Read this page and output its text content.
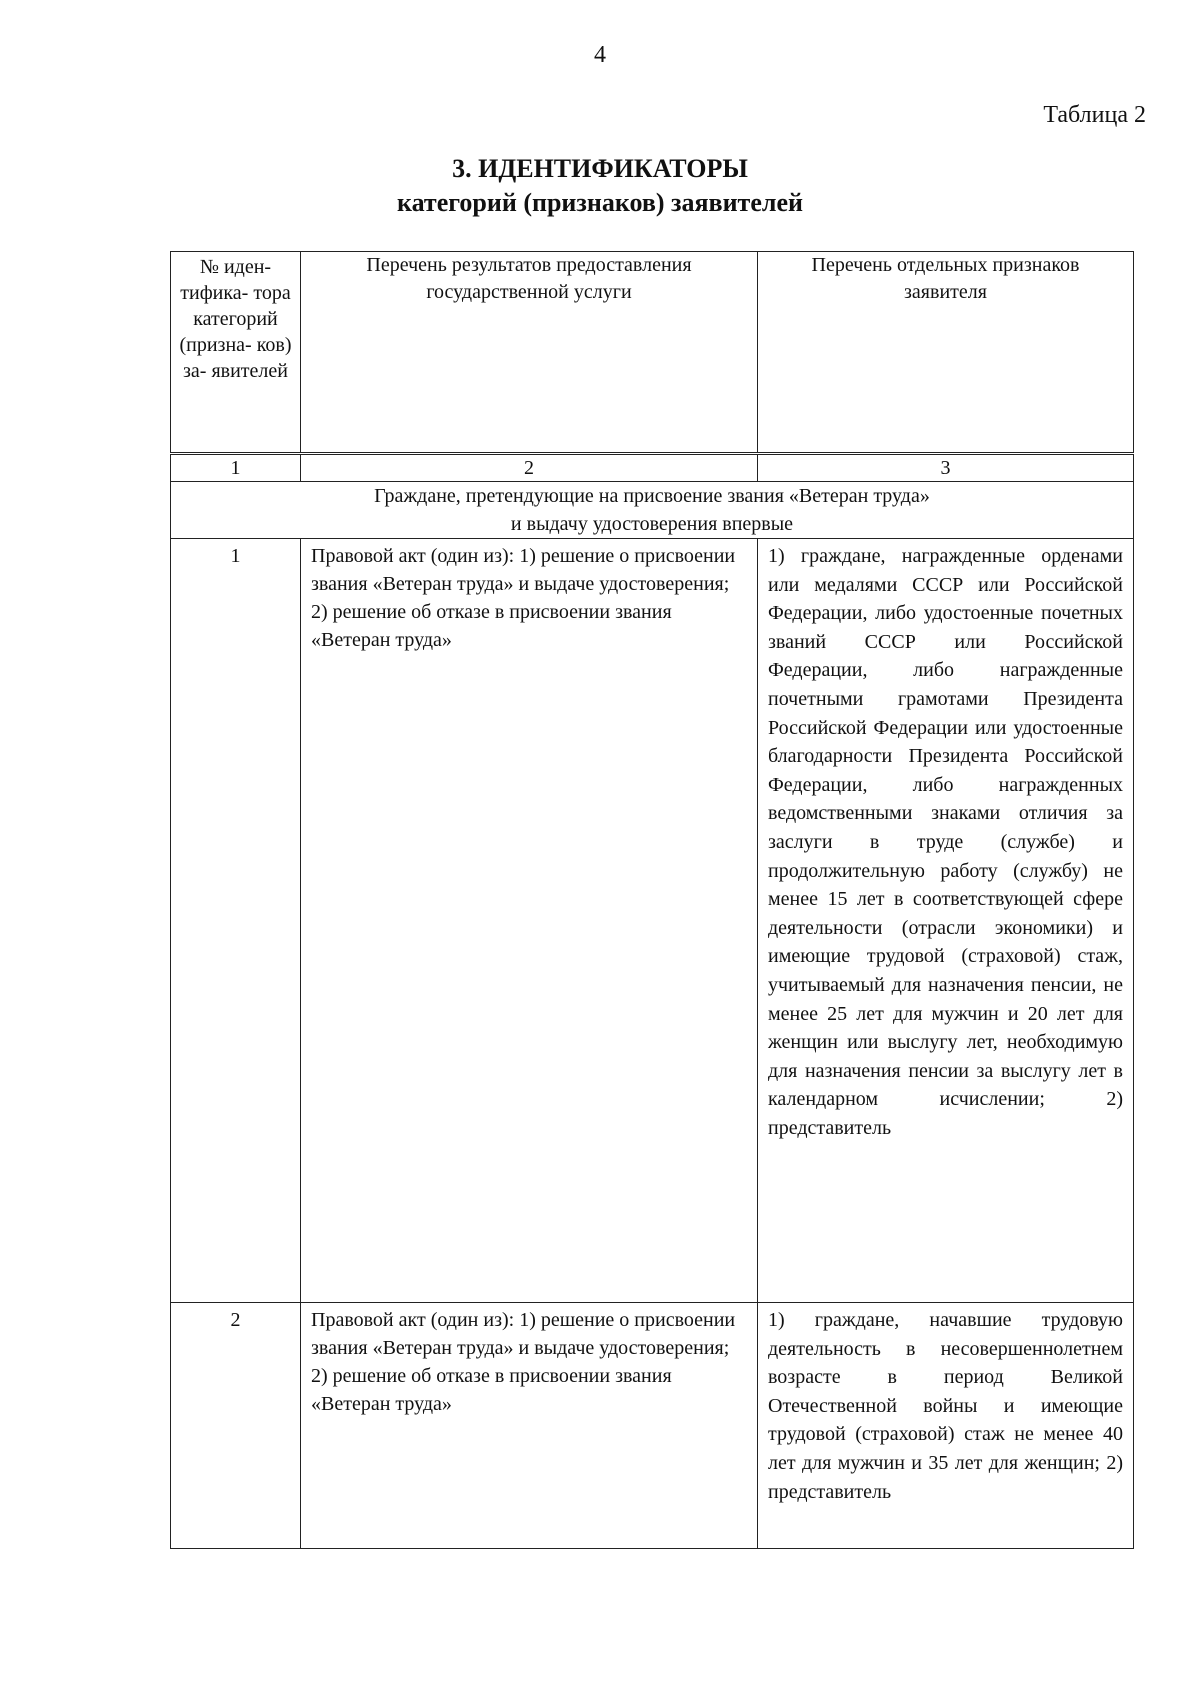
4
Таблица 2
3. ИДЕНТИФИКАТОРЫ
категорий (признаков) заявителей
№ иден- тифика- тора категорий (призна- ков) за- явителей	Перечень результатов предоставления государственной услуги	Перечень отдельных признаков заявителя
1	2	3

Граждане, претендующие на присвоение звания «Ветеран труда»
и выдачу удостоверения впервые		

1	Правовой акт (один из): 1) решение о присвоении звания «Ветеран труда» и выдаче удостоверения; 2) решение об отказе в присвоении звания «Ветеран труда»	1) граждане, награжденные орденами или медалями СССР или Российской Федерации, либо удостоенные почетных званий СССР или Российской Федерации, либо награжденные почетными грамотами Президента Российской Федерации или удостоенные благодарности Президента Российской Федерации, либо награжденных ведомственными знаками отличия за заслуги в труде (службе) и продолжительную работу (службу) не менее 15 лет в соответствующей сфере деятельности (отрасли экономики) и имеющие трудовой (страховой) стаж, учитываемый для назначения пенсии, не менее 25 лет для мужчин и 20 лет для женщин или выслугу лет, необходимую для назначения пенсии за выслугу лет в календарном исчислении; 2) представитель
2	Правовой акт (один из): 1) решение о присвоении звания «Ветеран труда» и выдаче удостоверения; 2) решение об отказе в присвоении звания «Ветеран труда»	1) граждане, начавшие трудовую деятельность в несовершеннолетнем возрасте в период Великой Отечественной войны и имеющие трудовой (страховой) стаж не менее 40 лет для мужчин и 35 лет для женщин; 2) представитель
